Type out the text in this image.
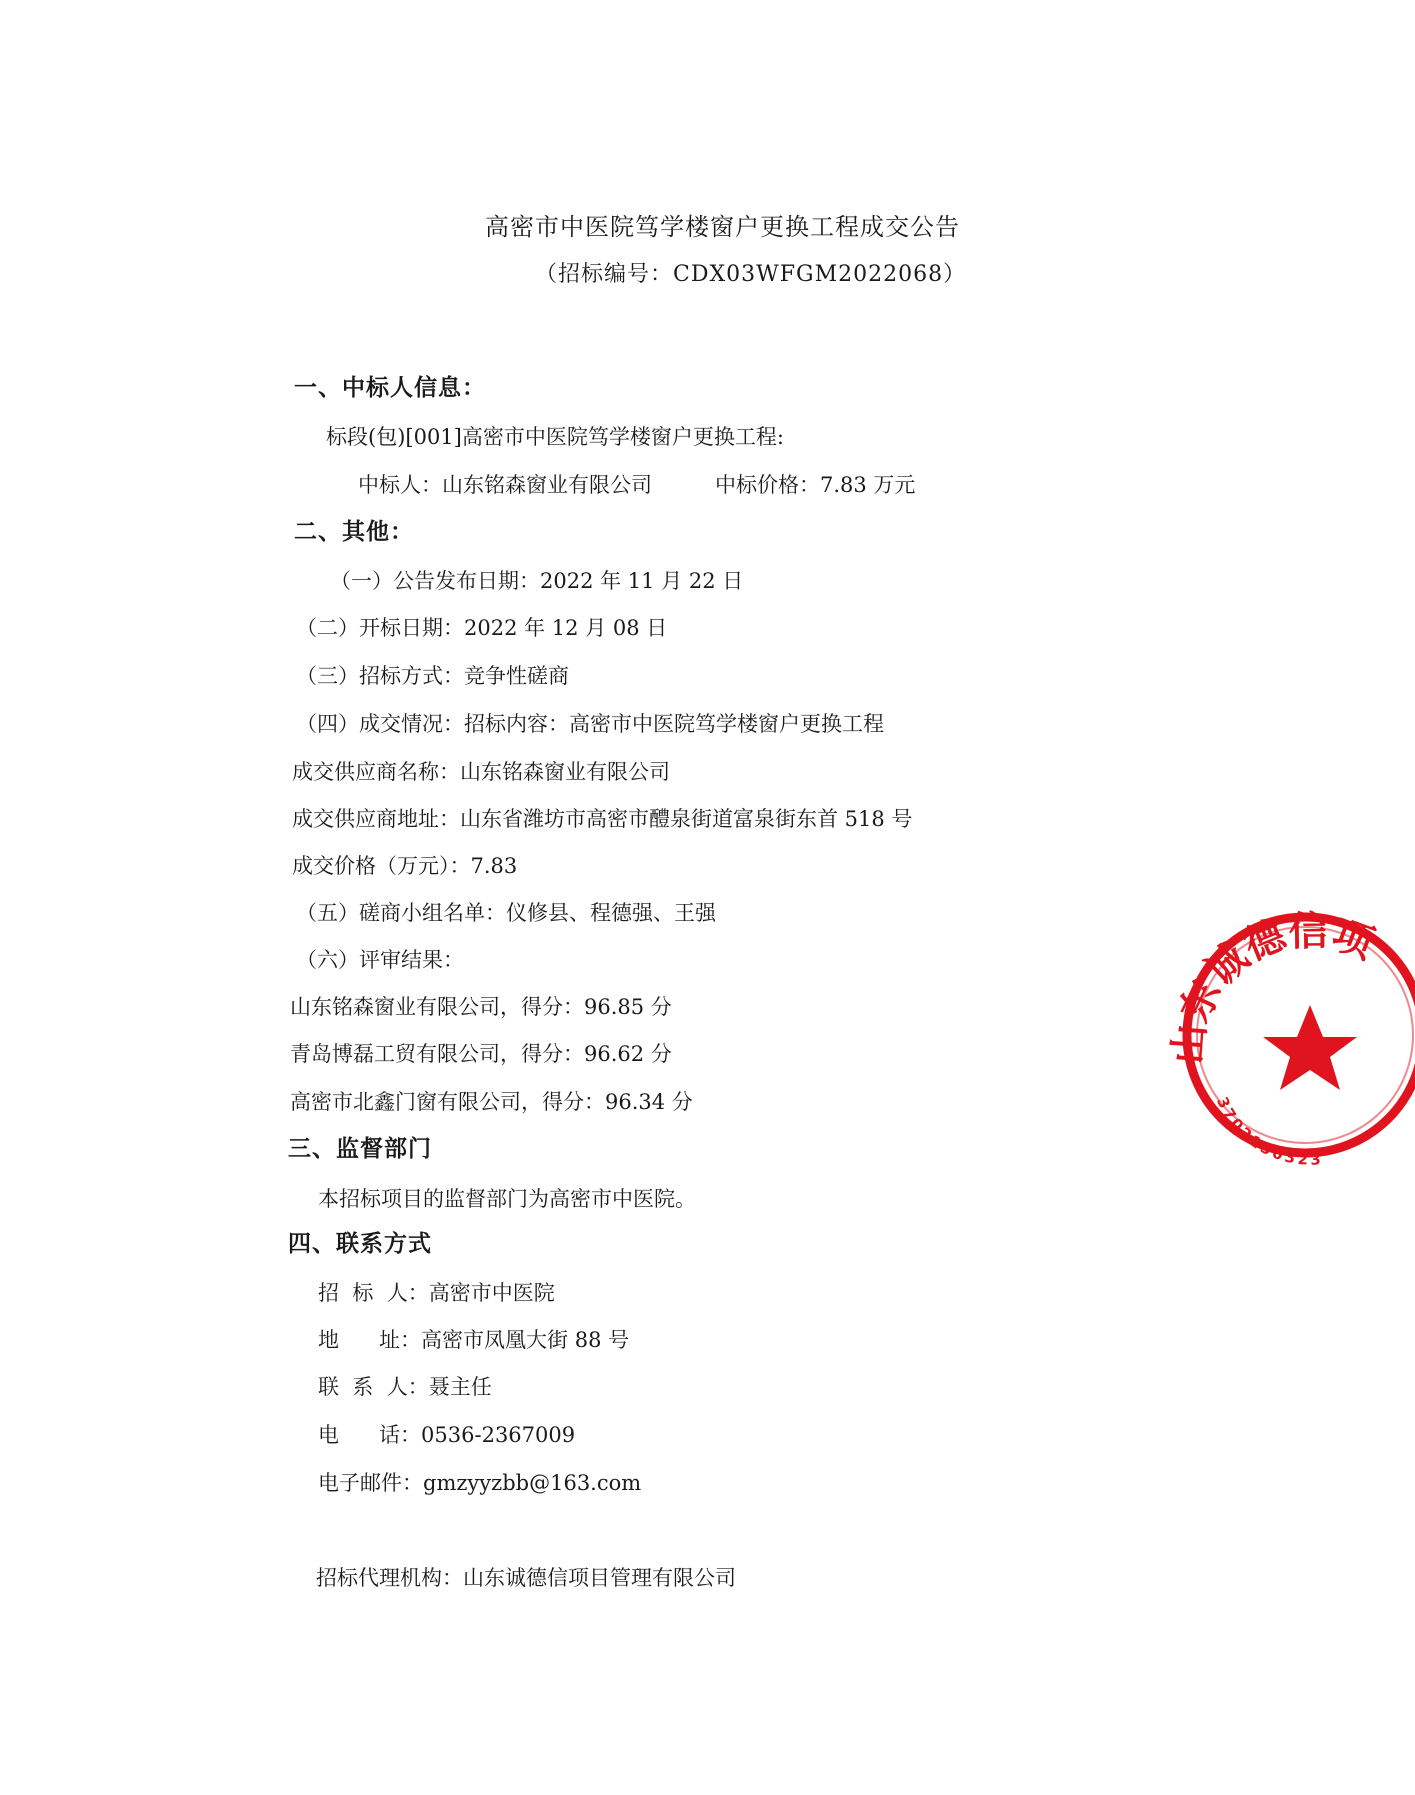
高密市中医院笃学楼窗户更换工程成交公告
（招标编号：CDX03WFGM2022068）
一、中标人信息：
标段(包)[001]高密市中医院笃学楼窗户更换工程:
中标人：山东铭森窗业有限公司	中标价格：7.83 万元
二、其他：
（一）公告发布日期：2022 年 11 月 22 日
（二）开标日期：2022 年 12 月 08 日
（三）招标方式：竞争性磋商
（四）成交情况：招标内容：高密市中医院笃学楼窗户更换工程
成交供应商名称：山东铭森窗业有限公司
成交供应商地址：山东省潍坊市高密市醴泉街道富泉街东首 518 号
成交价格（万元）：7.83
（五）磋商小组名单：仪修县、程德强、王强
（六）评审结果：
山东铭森窗业有限公司，得分：96.85 分
青岛博磊工贸有限公司，得分：96.62 分
高密市北鑫门窗有限公司，得分：96.34 分
三、监督部门
本招标项目的监督部门为高密市中医院。
四、联系方式
招  标  人：高密市中医院
地      址：高密市凤凰大街 88 号
联  系  人：聂主任
电      话：0536-2367009
电子邮件：gmzyyzbb@163.com
招标代理机构：山东诚德信项目管理有限公司
山东诚德信项
3702130323
